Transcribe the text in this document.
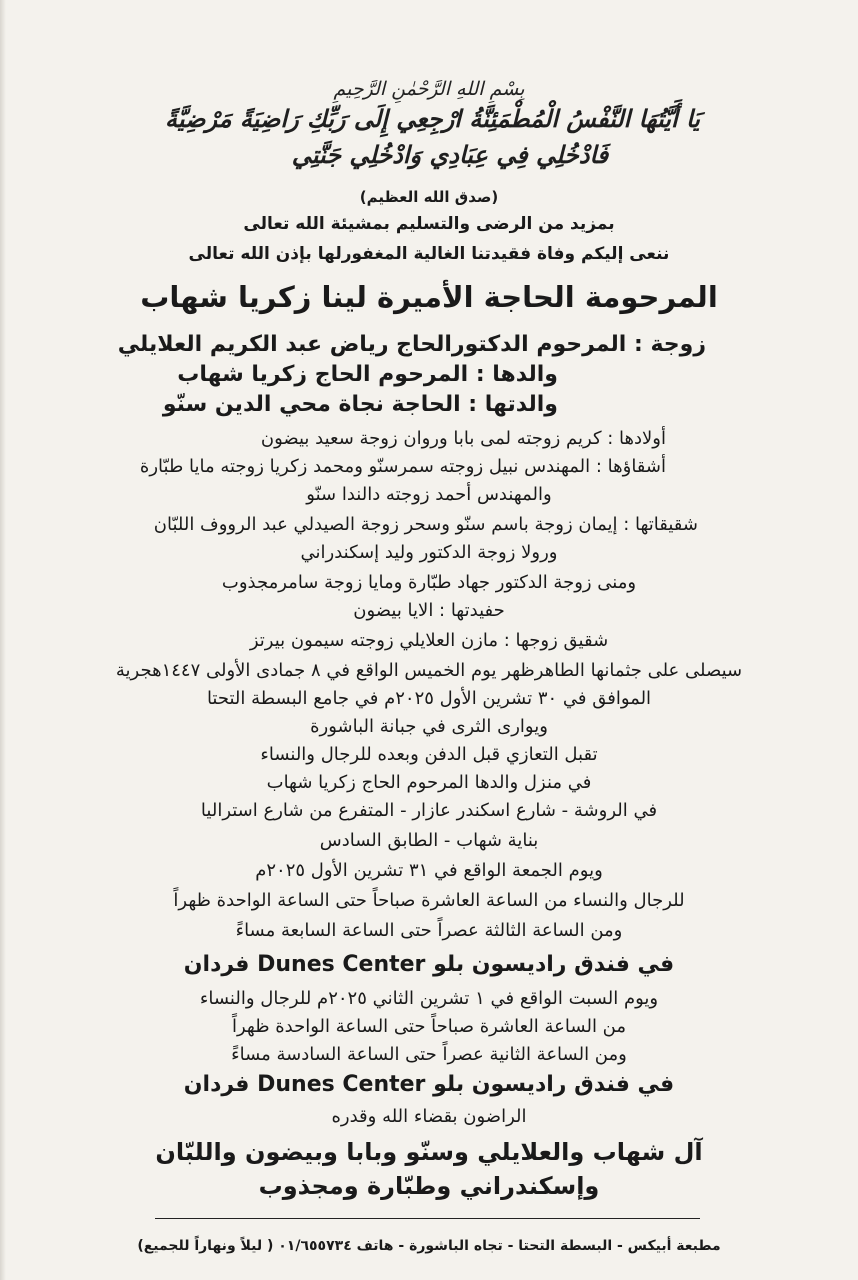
بِسْمِ اللهِ الرَّحْمٰنِ الرَّحِيمِ
يَا أَيَّتُهَا النَّفْسُ الْمُطْمَئِنَّةُ ارْجِعِي إِلَى رَبِّكِ رَاضِيَةً مَرْضِيَّةً
فَادْخُلِي فِي عِبَادِي وَادْخُلِي جَنَّتِي
(صدق الله العظيم)
بمزيد من الرضى والتسليم بمشيئة الله تعالى
ننعى إليكم وفاة فقيدتنا الغالية المغفورلها بإذن الله تعالى
المرحومة الحاجة الأميرة لينا زكريا شهاب
زوجة : المرحوم الدكتورالحاج رياض عبد الكريم العلايلي
والدها : المرحوم الحاج زكريا شهاب
والدتها : الحاجة نجاة محي الدين سنّو
أولادها : كريم زوجته لمى بابا وروان زوجة سعيد بيضون
أشقاؤها : المهندس نبيل زوجته سمرسنّو ومحمد زكريا زوجته مايا طبّارة
والمهندس أحمد زوجته دالندا سنّو
شقيقاتها : إيمان زوجة باسم سنّو وسحر زوجة الصيدلي عبد الرووف اللبّان
ورولا زوجة الدكتور وليد إسكندراني
ومنى زوجة الدكتور جهاد طبّارة ومايا زوجة سامرمجذوب
حفيدتها : الايا بيضون
شقيق زوجها : مازن العلايلي زوجته سيمون بيرتز
سيصلى على جثمانها الطاهرظهر يوم الخميس الواقع في ٨ جمادى الأولى ١٤٤٧هجرية
الموافق في ٣٠ تشرين الأول ٢٠٢٥م في جامع البسطة التحتا
ويوارى الثرى في جبانة الباشورة
تقبل التعازي قبل الدفن وبعده للرجال والنساء
في منزل والدها المرحوم الحاج زكريا شهاب
في الروشة - شارع اسكندر عازار - المتفرع من شارع استراليا
بناية شهاب - الطابق السادس
ويوم الجمعة الواقع في ٣١ تشرين الأول ٢٠٢٥م
للرجال والنساء من الساعة العاشرة صباحاً حتى الساعة الواحدة ظهراً
ومن الساعة الثالثة عصراً حتى الساعة السابعة مساءً
في فندق راديسون بلو Dunes Center فردان
ويوم السبت الواقع في ١ تشرين الثاني ٢٠٢٥م للرجال والنساء
من الساعة العاشرة صباحاً حتى الساعة الواحدة ظهراً
ومن الساعة الثانية عصراً حتى الساعة السادسة مساءً
في فندق راديسون بلو Dunes Center فردان
الراضون بقضاء الله وقدره
آل شهاب والعلايلي وسنّو وبابا وبيضون واللبّان
وإسكندراني وطبّارة ومجذوب
مطبعة أبيكس - البسطة التحتا - تجاه الباشورة - هاتف ٠١/٦٥٥٧٣٤ ( ليلاً ونهاراً للجميع)
